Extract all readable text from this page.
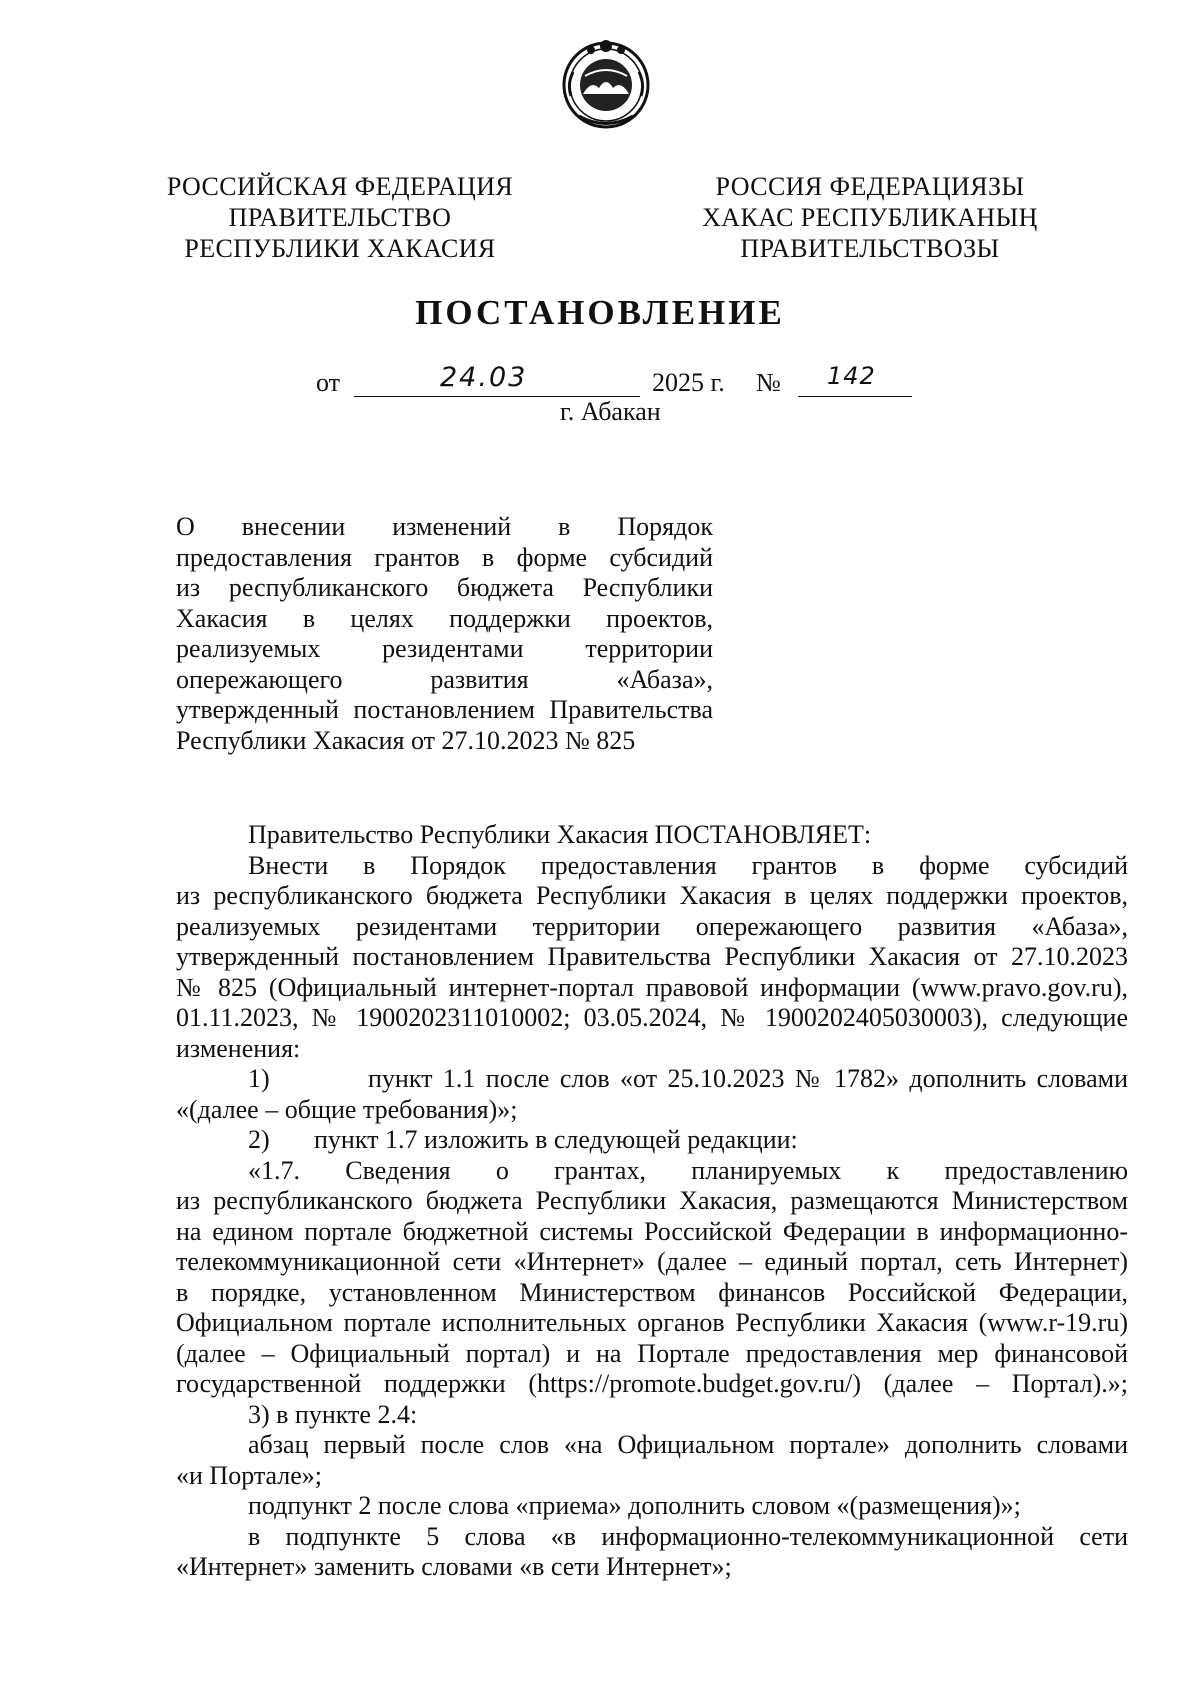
РОССИЙСКАЯ ФЕДЕРАЦИЯ
ПРАВИТЕЛЬСТВО
РЕСПУБЛИКИ ХАКАСИЯ
РОССИЯ ФЕДЕРАЦИЯЗЫ
ХАКАС РЕСПУБЛИКАНЫҢ
ПРАВИТЕЛЬСТВОЗЫ
ПОСТАНОВЛЕНИЕ
от	24.03	2025 г. № 142
г. Абакан
О внесении изменений в Порядок
предоставления грантов в форме субсидий
из республиканского бюджета Республики
Хакасия в целях поддержки проектов,
реализуемых резидентами территории
опережающего развития «Абаза»,
утвержденный постановлением Правительства
Республики Хакасия от 27.10.2023 № 825
Правительство Республики Хакасия ПОСТАНОВЛЯЕТ:
Внести в Порядок предоставления грантов в форме субсидий
из республиканского бюджета Республики Хакасия в целях поддержки проектов,
реализуемых резидентами территории опережающего развития «Абаза»,
утвержденный постановлением Правительства Республики Хакасия от 27.10.2023
№ 825 (Официальный интернет-портал правовой информации (www.pravo.gov.ru),
01.11.2023, № 1900202311010002; 03.05.2024, № 1900202405030003), следующие
изменения:
1)	пункт 1.1 после слов «от 25.10.2023 № 1782» дополнить словами
«(далее – общие требования)»;
2)	пункт 1.7 изложить в следующей редакции:
«1.7. Сведения о грантах, планируемых к предоставлению
из республиканского бюджета Республики Хакасия, размещаются Министерством
на едином портале бюджетной системы Российской Федерации в информационно-
телекоммуникационной сети «Интернет» (далее – единый портал, сеть Интернет)
в порядке, установленном Министерством финансов Российской Федерации,
Официальном портале исполнительных органов Республики Хакасия (www.r-19.ru)
(далее – Официальный портал) и на Портале предоставления мер финансовой
государственной поддержки (https://promote.budget.gov.ru/) (далее – Портал).»;
3) в пункте 2.4:
абзац первый после слов «на Официальном портале» дополнить словами
«и Портале»;
подпункт 2 после слова «приема» дополнить словом «(размещения)»;
в подпункте 5 слова «в информационно-телекоммуникационной сети
«Интернет» заменить словами «в сети Интернет»;
